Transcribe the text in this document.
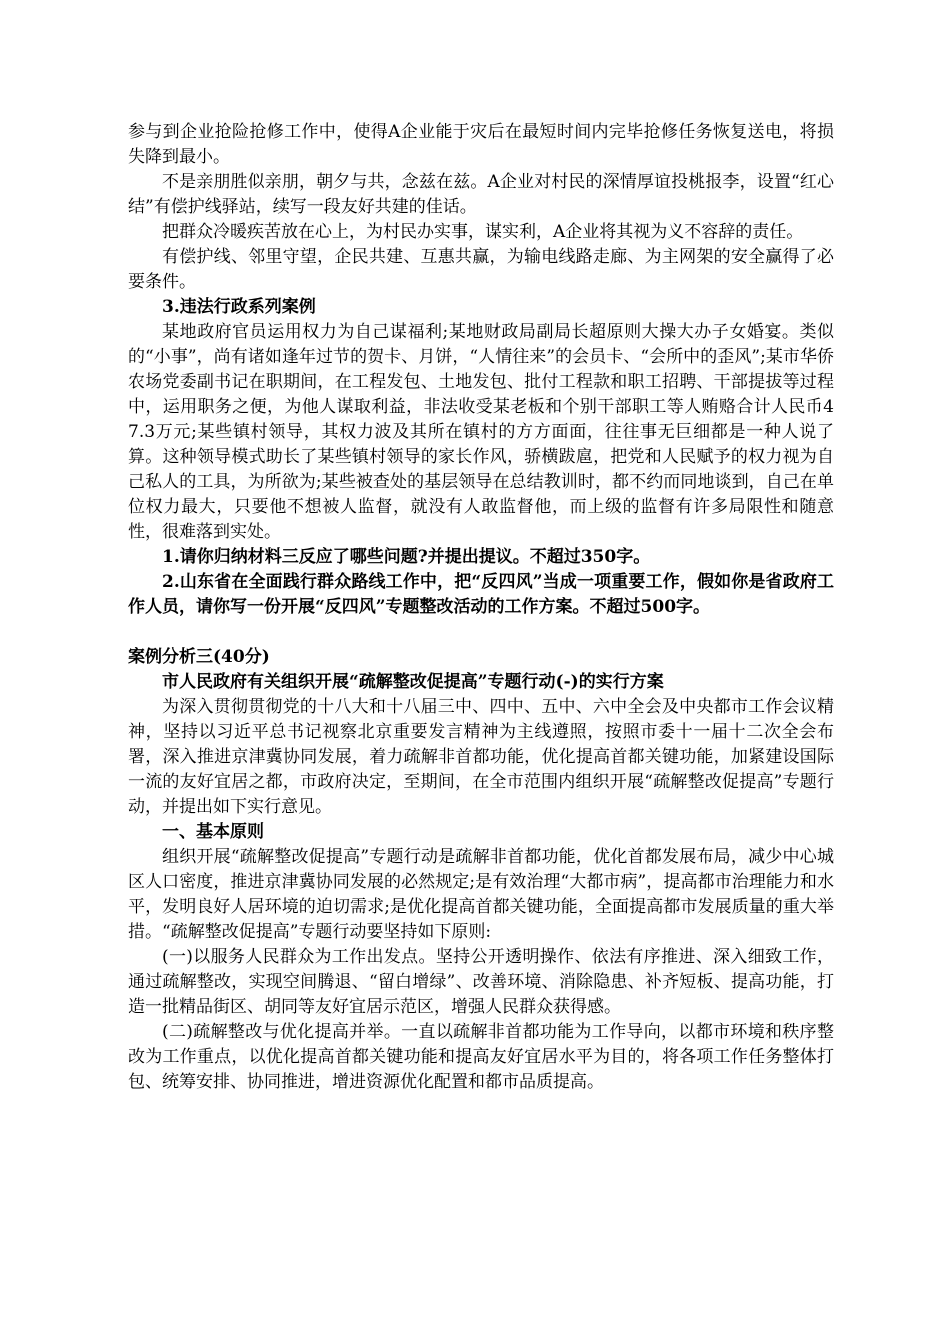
参与到企业抢险抢修工作中，使得A企业能于灾后在最短时间内完毕抢修任务恢复送电，将损失降到最小。

不是亲朋胜似亲朋，朝夕与共，念兹在兹。A企业对村民的深情厚谊投桃报李，设置“红心结”有偿护线驿站，续写一段友好共建的佳话。

把群众冷暖疾苦放在心上，为村民办实事，谋实利，A企业将其视为义不容辞的责任。

有偿护线、邻里守望，企民共建、互惠共赢，为输电线路走廊、为主网架的安全赢得了必要条件。

3.违法行政系列案例

某地政府官员运用权力为自己谋福利;某地财政局副局长超原则大操大办子女婚宴。类似的“小事”，尚有诸如逢年过节的贺卡、月饼，“人情往来”的会员卡、“会所中的歪风”;某市华侨农场党委副书记在职期间，在工程发包、土地发包、批付工程款和职工招聘、干部提拔等过程中，运用职务之便，为他人谋取利益，非法收受某老板和个别干部职工等人贿赂合计人民币47.3万元;某些镇村领导，其权力波及其所在镇村的方方面面，往往事无巨细都是一种人说了算。这种领导模式助长了某些镇村领导的家长作风，骄横跋扈，把党和人民赋予的权力视为自己私人的工具，为所欲为;某些被查处的基层领导在总结教训时，都不约而同地谈到，自己在单位权力最大，只要他不想被人监督，就没有人敢监督他，而上级的监督有许多局限性和随意性，很难落到实处。

1.请你归纳材料三反应了哪些问题?并提出提议。不超过350字。

2.山东省在全面践行群众路线工作中，把“反四风”当成一项重要工作，假如你是省政府工作人员，请你写一份开展“反四风”专题整改活动的工作方案。不超过500字。

案例分析三(40分)

市人民政府有关组织开展“疏解整改促提高”专题行动(-)的实行方案

为深入贯彻贯彻党的十八大和十八届三中、四中、五中、六中全会及中央都市工作会议精神，坚持以习近平总书记视察北京重要发言精神为主线遵照，按照市委十一届十二次全会布署，深入推进京津冀协同发展，着力疏解非首都功能，优化提高首都关键功能，加紧建设国际一流的友好宜居之都，市政府决定，至期间，在全市范围内组织开展“疏解整改促提高”专题行动，并提出如下实行意见。

一、基本原则

组织开展“疏解整改促提高”专题行动是疏解非首都功能，优化首都发展布局，减少中心城区人口密度，推进京津冀协同发展的必然规定;是有效治理“大都市病”，提高都市治理能力和水平，发明良好人居环境的迫切需求;是优化提高首都关键功能，全面提高都市发展质量的重大举措。“疏解整改促提高”专题行动要坚持如下原则:

(一)以服务人民群众为工作出发点。坚持公开透明操作、依法有序推进、深入细致工作，通过疏解整改，实现空间腾退、“留白增绿”、改善环境、消除隐患、补齐短板、提高功能，打造一批精品街区、胡同等友好宜居示范区，增强人民群众获得感。

(二)疏解整改与优化提高并举。一直以疏解非首都功能为工作导向，以都市环境和秩序整改为工作重点，以优化提高首都关键功能和提高友好宜居水平为目的，将各项工作任务整体打包、统筹安排、协同推进，增进资源优化配置和都市品质提高。
